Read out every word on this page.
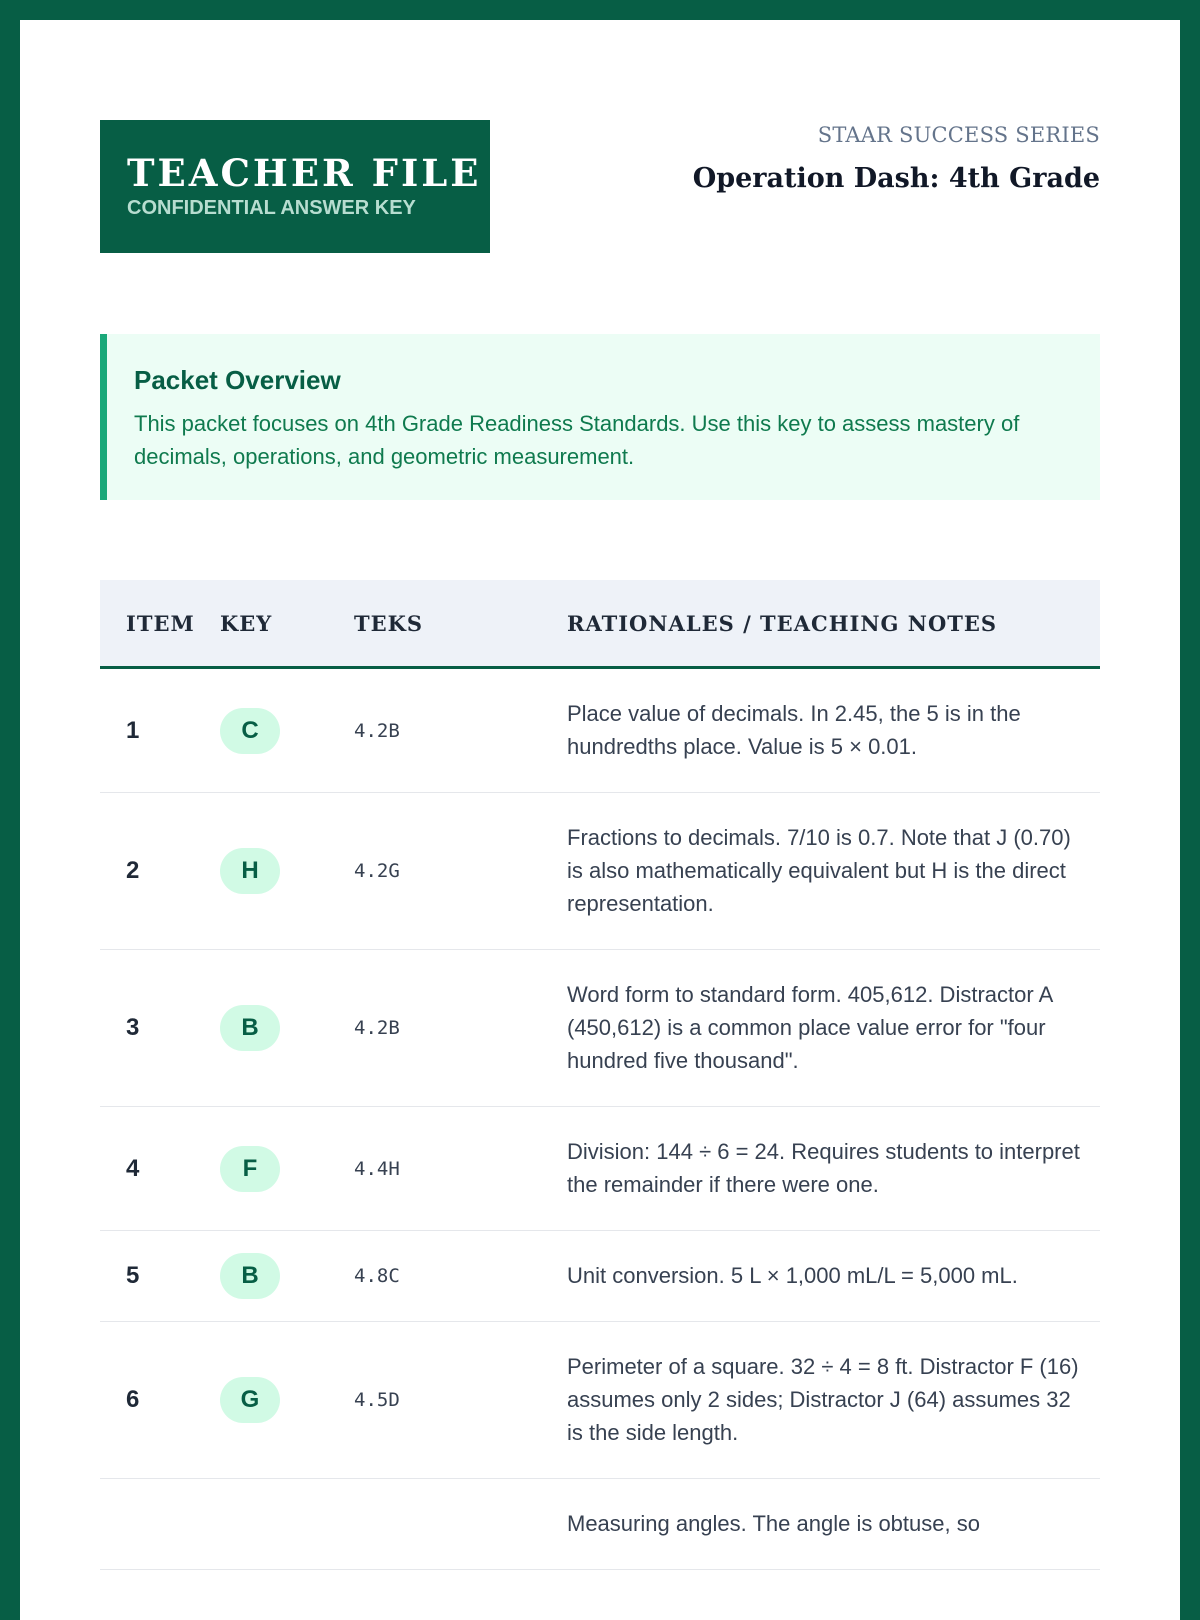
TEACHER FILE
CONFIDENTIAL ANSWER KEY
STAAR SUCCESS SERIES
Operation Dash: 4th Grade
Packet Overview
This packet focuses on 4th Grade Readiness Standards. Use this key to assess mastery of decimals, operations, and geometric measurement.
ITEM	KEY	TEKS	RATIONALES / TEACHING NOTES
1	C	4.2B	Place value of decimals. In 2.45, the 5 is in the hundredths place. Value is 5 × 0.01.
2	H	4.2G	Fractions to decimals. 7/10 is 0.7. Note that J (0.70) is also mathematically equivalent but H is the direct representation.
3	B	4.2B	Word form to standard form. 405,612. Distractor A (450,612) is a common place value error for "four hundred five thousand".
4	F	4.4H	Division: 144 ÷ 6 = 24. Requires students to interpret the remainder if there were one.
5	B	4.8C	Unit conversion. 5 L × 1,000 mL/L = 5,000 mL.
6	G	4.5D	Perimeter of a square. 32 ÷ 4 = 8 ft. Distractor F (16) assumes only 2 sides; Distractor J (64) assumes 32 is the side length.
			Measuring angles. The angle is obtuse, so
